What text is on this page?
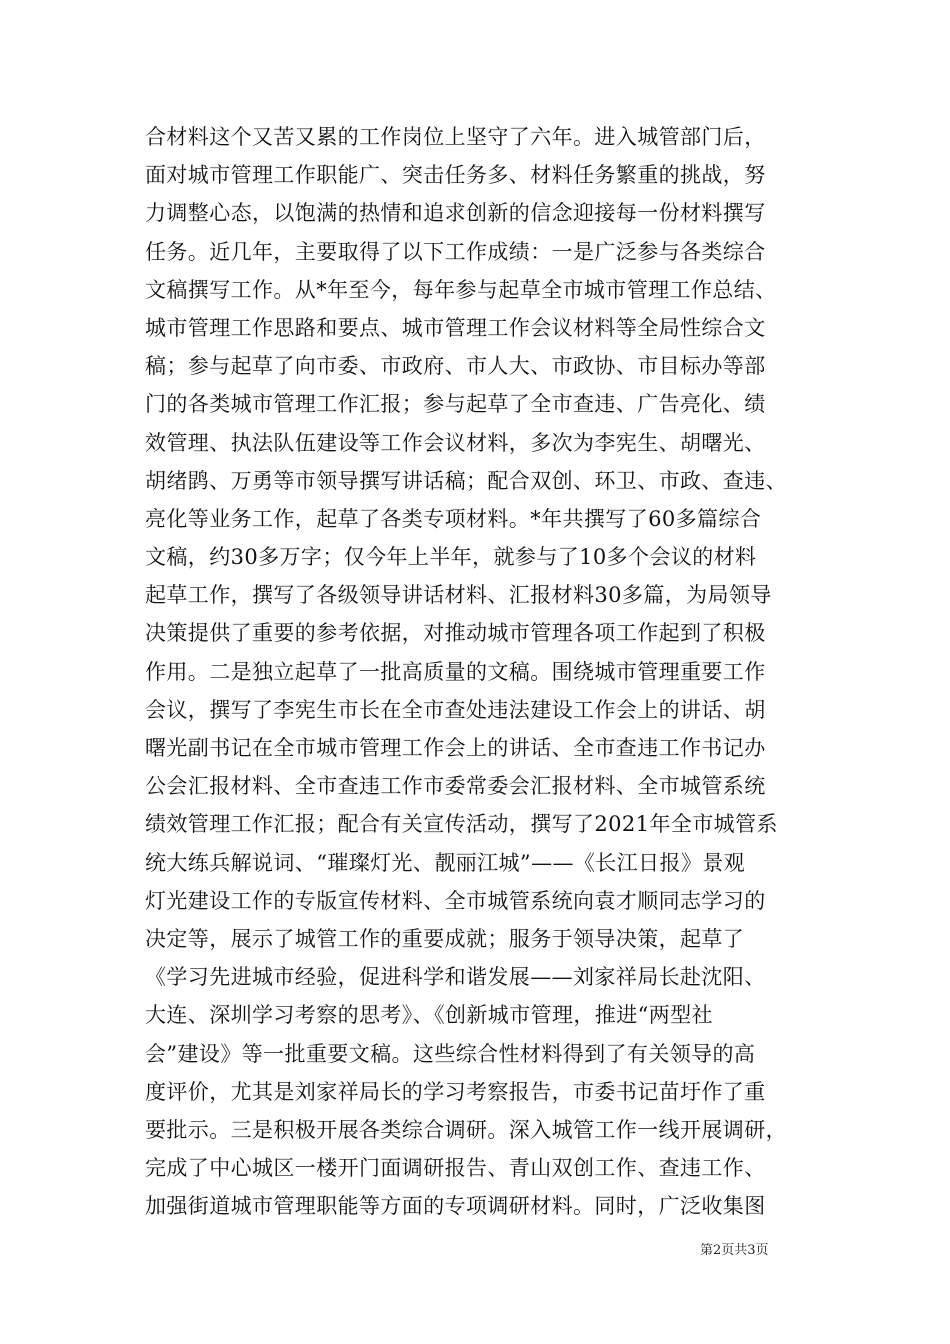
合材料这个又苦又累的工作岗位上坚守了六年。进入城管部门后，
面对城市管理工作职能广、突击任务多、材料任务繁重的挑战，努
力调整心态，以饱满的热情和追求创新的信念迎接每一份材料撰写
任务。近几年，主要取得了以下工作成绩：一是广泛参与各类综合
文稿撰写工作。从*年至今，每年参与起草全市城市管理工作总结、
城市管理工作思路和要点、城市管理工作会议材料等全局性综合文
稿；参与起草了向市委、市政府、市人大、市政协、市目标办等部
门的各类城市管理工作汇报；参与起草了全市查违、广告亮化、绩
效管理、执法队伍建设等工作会议材料，多次为李宪生、胡曙光、
胡绪鹍、万勇等市领导撰写讲话稿；配合双创、环卫、市政、查违、
亮化等业务工作，起草了各类专项材料。*年共撰写了60多篇综合
文稿，约30多万字；仅今年上半年，就参与了10多个会议的材料
起草工作，撰写了各级领导讲话材料、汇报材料30多篇，为局领导
决策提供了重要的参考依据，对推动城市管理各项工作起到了积极
作用。二是独立起草了一批高质量的文稿。围绕城市管理重要工作
会议，撰写了李宪生市长在全市查处违法建设工作会上的讲话、胡
曙光副书记在全市城市管理工作会上的讲话、全市查违工作书记办
公会汇报材料、全市查违工作市委常委会汇报材料、全市城管系统
绩效管理工作汇报；配合有关宣传活动，撰写了2021年全市城管系
统大练兵解说词、“璀璨灯光、靓丽江城”——《长江日报》景观
灯光建设工作的专版宣传材料、全市城管系统向袁才顺同志学习的
决定等，展示了城管工作的重要成就；服务于领导决策，起草了
《学习先进城市经验，促进科学和谐发展——刘家祥局长赴沈阳、
大连、深圳学习考察的思考》、《创新城市管理，推进“两型社
会”建设》等一批重要文稿。这些综合性材料得到了有关领导的高
度评价，尤其是刘家祥局长的学习考察报告，市委书记苗圩作了重
要批示。三是积极开展各类综合调研。深入城管工作一线开展调研，
完成了中心城区一楼开门面调研报告、青山双创工作、查违工作、
加强街道城市管理职能等方面的专项调研材料。同时，广泛收集图
第2页共3页
